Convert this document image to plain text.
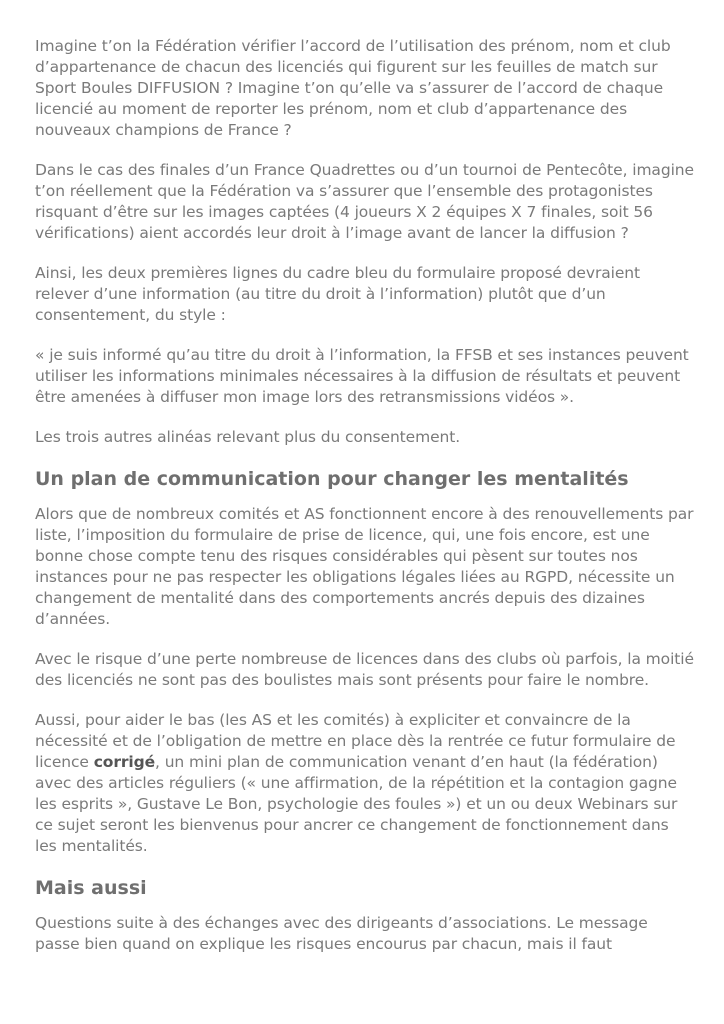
Imagine t’on la Fédération vérifier l’accord de l’utilisation des prénom, nom et club d’appartenance de chacun des licenciés qui figurent sur les feuilles de match sur Sport Boules DIFFUSION ? Imagine t’on qu’elle va s’assurer de l’accord de chaque licencié au moment de reporter les prénom, nom et club d’appartenance des nouveaux champions de France ?

Dans le cas des finales d’un France Quadrettes ou d’un tournoi de Pentecôte, imagine t’on réellement que la Fédération va s’assurer que l’ensemble des protagonistes risquant d’être sur les images captées (4 joueurs X 2 équipes X 7 finales, soit 56 vérifications) aient accordés leur droit à l’image avant de lancer la diffusion ?

Ainsi, les deux premières lignes du cadre bleu du formulaire proposé devraient relever d’une information (au titre du droit à l’information) plutôt que d’un consentement, du style :

« je suis informé qu’au titre du droit à l’information, la FFSB et ses instances peuvent utiliser les informations minimales nécessaires à la diffusion de résultats et peuvent être amenées à diffuser mon image lors des retransmissions vidéos ».

Les trois autres alinéas relevant plus du consentement.

Un plan de communication pour changer les mentalités

Alors que de nombreux comités et AS fonctionnent encore à des renouvellements par liste, l’imposition du formulaire de prise de licence, qui, une fois encore, est une bonne chose compte tenu des risques considérables qui pèsent sur toutes nos instances pour ne pas respecter les obligations légales liées au RGPD, nécessite un changement de mentalité dans des comportements ancrés depuis des dizaines d’années.

Avec le risque d’une perte nombreuse de licences dans des clubs où parfois, la moitié des licenciés ne sont pas des boulistes mais sont présents pour faire le nombre.

Aussi, pour aider le bas (les AS et les comités) à expliciter et convaincre de la nécessité et de l’obligation de mettre en place dès la rentrée ce futur formulaire de licence corrigé, un mini plan de communication venant d’en haut (la fédération) avec des articles réguliers (« une affirmation, de la répétition et la contagion gagne les esprits », Gustave Le Bon, psychologie des foules ») et un ou deux Webinars sur ce sujet seront les bienvenus pour ancrer ce changement de fonctionnement dans les mentalités.

Mais aussi

Questions suite à des échanges avec des dirigeants d’associations. Le message passe bien quand on explique les risques encourus par chacun, mais il faut
